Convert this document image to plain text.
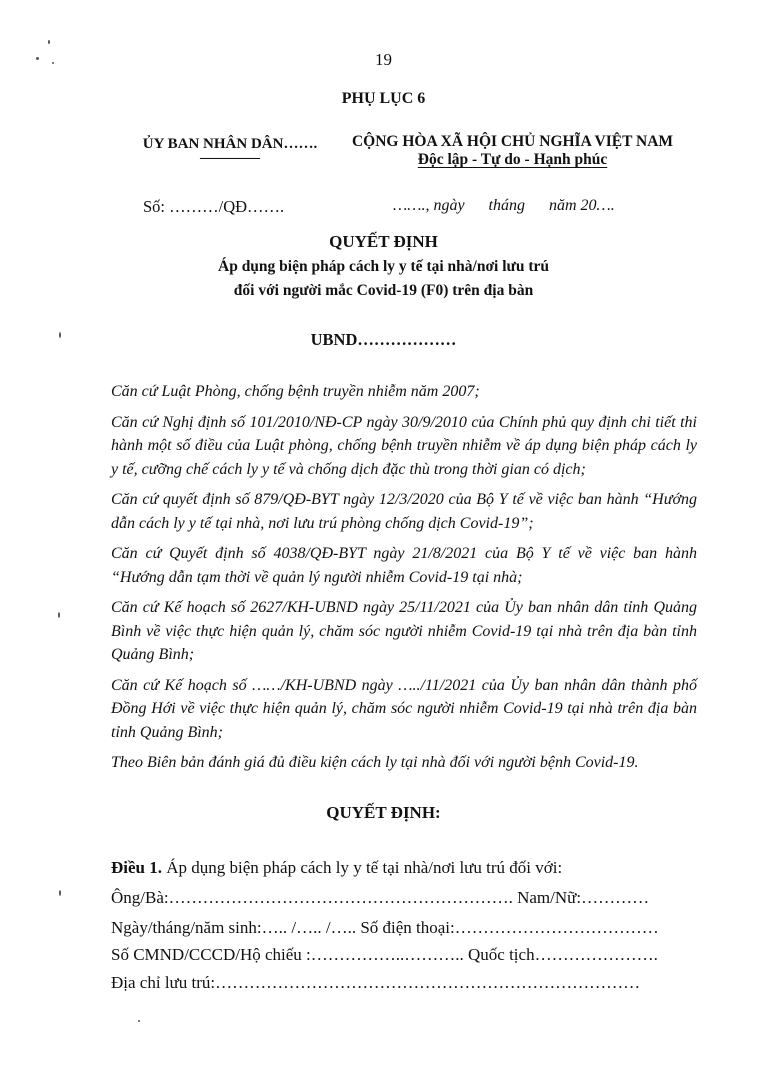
19
PHỤ LỤC 6
ỦY BAN NHÂN DÂN…….
――――
CỘNG HÒA XÃ HỘI CHỦ NGHĨA VIỆT NAM
Độc lập - Tự do - Hạnh phúc
Số: ………/QĐ…….	……., ngày      tháng      năm 20….
QUYẾT ĐỊNH
Áp dụng biện pháp cách ly y tế tại nhà/nơi lưu trú
đối với người mắc Covid-19 (F0) trên địa bàn
UBND………………

Căn cứ Luật Phòng, chống bệnh truyền nhiễm năm 2007;

Căn cứ Nghị định số 101/2010/NĐ-CP ngày 30/9/2010 của Chính phủ quy định chi tiết thi hành một số điều của Luật phòng, chống bệnh truyền nhiễm về áp dụng biện pháp cách ly y tế, cưỡng chế cách ly y tế và chống dịch đặc thù trong thời gian có dịch;

Căn cứ quyết định số 879/QĐ-BYT ngày 12/3/2020 của Bộ Y tế về việc ban hành “Hướng dẫn cách ly y tế tại nhà, nơi lưu trú phòng chống dịch Covid-19”;

Căn cứ Quyết định số 4038/QĐ-BYT ngày 21/8/2021 của Bộ Y tế về việc ban hành “Hướng dẫn tạm thời về quản lý người nhiễm Covid-19 tại nhà;

Căn cứ Kế hoạch số 2627/KH-UBND ngày 25/11/2021 của Ủy ban nhân dân tỉnh Quảng Bình về việc thực hiện quản lý, chăm sóc người nhiễm Covid-19 tại nhà trên địa bàn tỉnh Quảng Bình;

Căn cứ Kế hoạch số ……/KH-UBND ngày …../11/2021 của Ủy ban nhân dân thành phố Đồng Hới về việc thực hiện quản lý, chăm sóc người nhiễm Covid-19 tại nhà trên địa bàn tỉnh Quảng Bình;

Theo Biên bản đánh giá đủ điều kiện cách ly tại nhà đối với người bệnh Covid-19.

QUYẾT ĐỊNH:
Điều 1. Áp dụng biện pháp cách ly y tế tại nhà/nơi lưu trú đối với:
Ông/Bà:……………………………………………………. Nam/Nữ:…………
Ngày/tháng/năm sinh:….. /….. /….. Số điện thoại:………………………………
Số CMND/CCCD/Hộ chiếu :……………..……….. Quốc tịch………………….
Địa chỉ lưu trú:…………………………………………………………………
